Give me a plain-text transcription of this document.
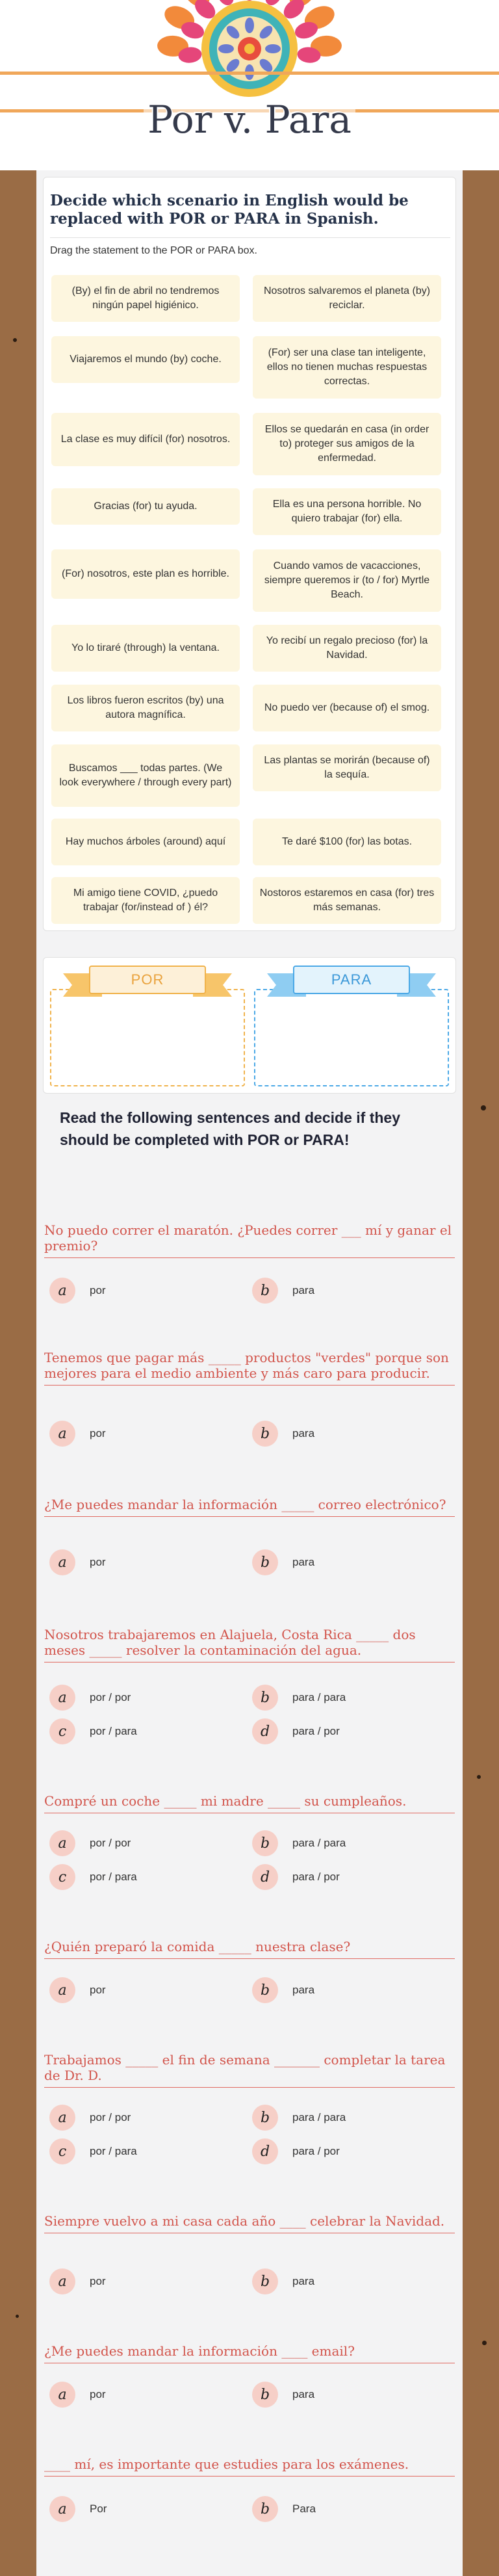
Por v. Para
Decide which scenario in English would be replaced with POR or PARA in Spanish.
Drag the statement to the POR or PARA box.
(By) el fin de abril no tendremos ningún papel higiénico.
Nosotros salvaremos el planeta (by) reciclar.
Viajaremos el mundo (by) coche.
(For) ser una clase tan inteligente, ellos no tienen muchas respuestas correctas.
La clase es muy difícil (for) nosotros.
Ellos se quedarán en casa (in order to) proteger sus amigos de la enfermedad.
Gracias (for) tu ayuda.	Ella es una persona horrible. No quiero trabajar (for) ella.
(For) nosotros, este plan es horrible.
Cuando vamos de vacacciones, siempre queremos ir (to / for) Myrtle Beach.
Yo lo tiraré (through) la ventana.
Yo recibí un regalo precioso (for) la Navidad.
Los libros fueron escritos (by) una autora magnífica.
No puedo ver (because of) el smog.
Buscamos ___ todas partes. (We look everywhere / through every part)
Las plantas se morirán (because of) la sequía.
Hay muchos árboles (around) aquí	Te daré $100 (for) las botas.
Mi amigo tiene COVID, ¿puedo trabajar (for/instead of ) él?
Nostoros estaremos en casa (for) tres más semanas.
POR	PARA
Read the following sentences and decide if they should be completed with POR or PARA!
No puedo correr el maratón. ¿Puedes correr ___ mí y ganar el premio?
a	por	b	para
Tenemos que pagar más _____ productos "verdes" porque son mejores para el medio ambiente y más caro para producir.
a	por	b	para
¿Me puedes mandar la información _____ correo electrónico?
a	por	b	para
Nosotros trabajaremos en Alajuela, Costa Rica _____ dos meses _____ resolver la contaminación del agua.
a	por / por	b	para / para
c	por / para	d	para / por
Compré un coche _____ mi madre _____ su cumpleaños.
a	por / por	b	para / para
c	por / para	d	para / por
¿Quién preparó la comida _____ nuestra clase?
a	por	b	para
Trabajamos _____ el fin de semana _______ completar la tarea de Dr. D.
a	por / por	b	para / para
c	por / para	d	para / por
Siempre vuelvo a mi casa cada año ____ celebrar la Navidad.
a	por	b	para
¿Me puedes mandar la información ____ email?
a	por	b	para
____ mí, es importante que estudies para los exámenes.
a	Por	b	Para
